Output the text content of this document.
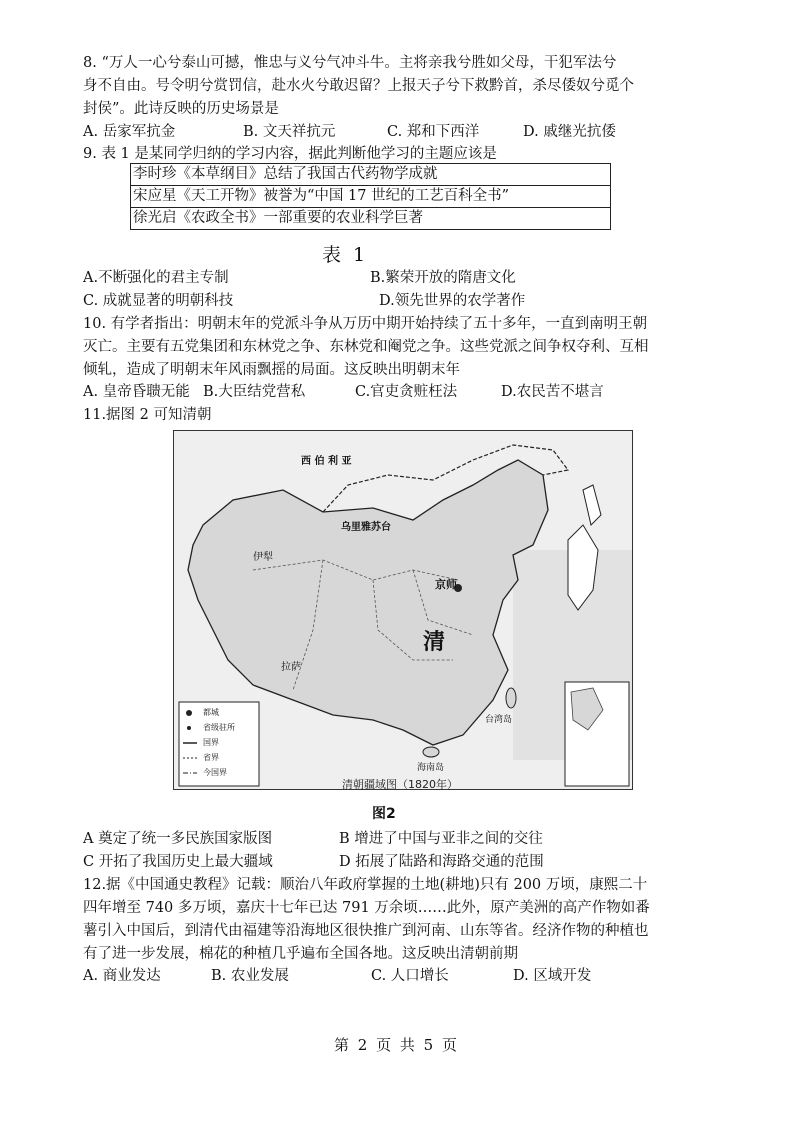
8. “万人一心兮泰山可撼，惟忠与义兮气冲斗牛。主将亲我兮胜如父母，干犯军法兮
身不自由。号令明兮赏罚信，赴水火兮敢迟留？上报天子兮下救黔首，杀尽倭奴兮觅个
封侯”。此诗反映的历史场景是
A. 岳家军抗金	B. 文天祥抗元	C. 郑和下西洋	D. 戚继光抗倭
9. 表 1 是某同学归纳的学习内容，据此判断他学习的主题应该是
李时珍《本草纲目》总结了我国古代药物学成就
宋应星《天工开物》被誉为“中国 17 世纪的工艺百科全书”
徐光启《农政全书》一部重要的农业科学巨著
表 1
A.不断强化的君主专制	B.繁荣开放的隋唐文化
C. 成就显著的明朝科技	D.领先世界的农学著作
10. 有学者指出：明朝末年的党派斗争从万历中期开始持续了五十多年，一直到南明王朝
灭亡。主要有五党集团和东林党之争、东林党和阉党之争。这些党派之间争权夺利、互相
倾轧，造成了明朝末年风雨飘摇的局面。这反映出明朝末年
A. 皇帝昏聩无能 B.大臣结党营私	C.官吏贪赃枉法	D.农民苦不堪言
11.据图 2 可知清朝
西 伯 利 亚
乌里雅苏台
伊犁
京师
清
拉萨
台湾岛
海南岛
都城
省级驻所
国界
省界
今国界
清朝疆域图（1820年）
图2
A 奠定了统一多民族国家版图	B 增进了中国与亚非之间的交往
C 开拓了我国历史上最大疆域	D 拓展了陆路和海路交通的范围
12.据《中国通史教程》记载：顺治八年政府掌握的土地(耕地)只有 200 万顷，康熙二十
四年增至 740 多万顷，嘉庆十七年已达 791 万余顷……此外，原产美洲的高产作物如番
薯引入中国后，到清代由福建等沿海地区很快推广到河南、山东等省。经济作物的种植也
有了进一步发展，棉花的种植几乎遍布全国各地。这反映出清朝前期
A. 商业发达	B. 农业发展	C. 人口增长	D. 区域开发
第 2 页 共 5 页
